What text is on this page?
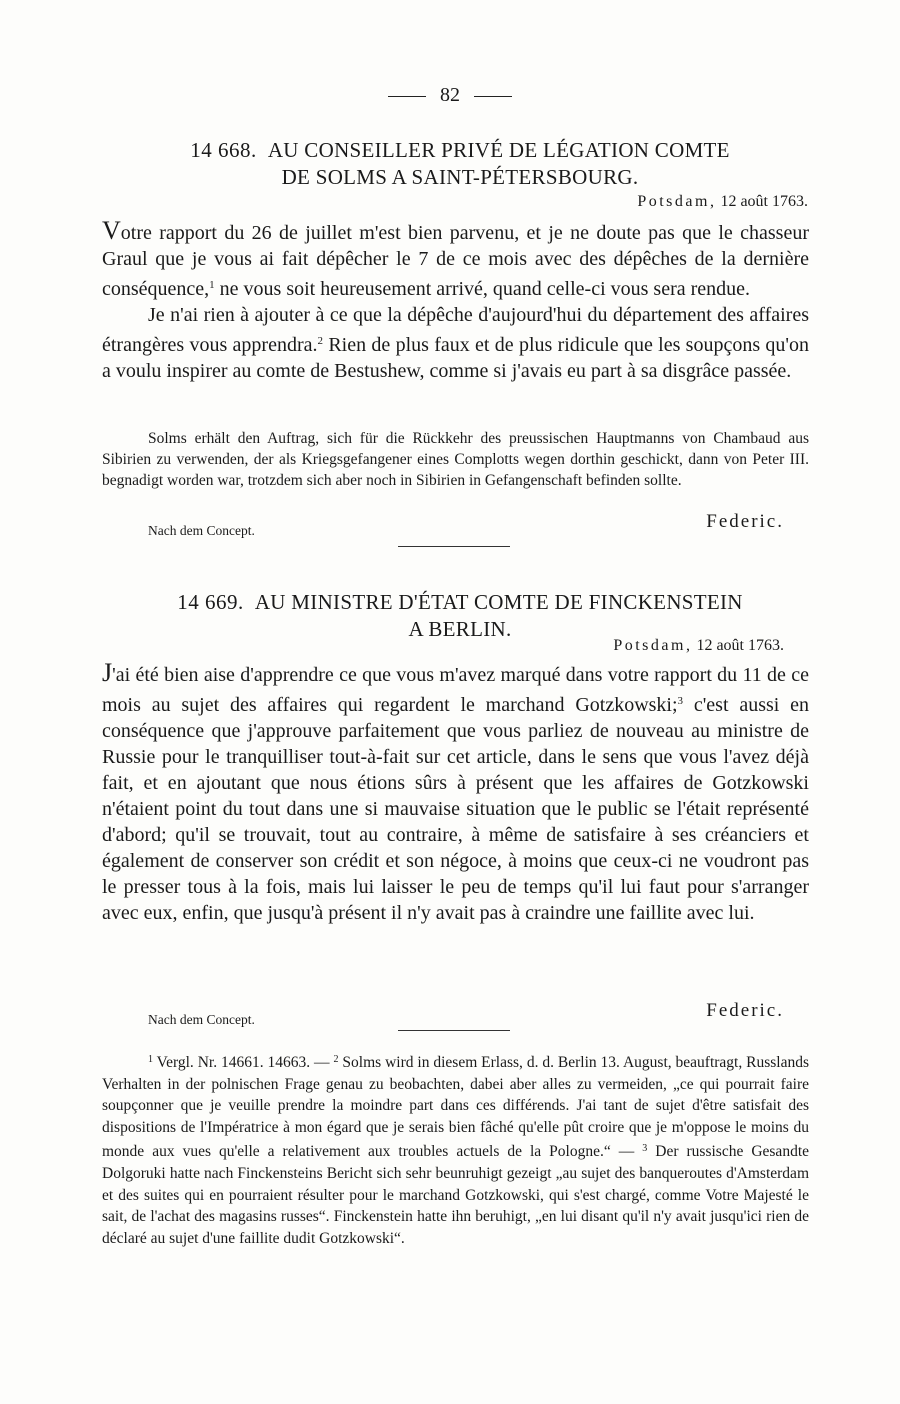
82
14 668. AU CONSEILLER PRIVÉ DE LÉGATION COMTE
DE SOLMS A SAINT-PÉTERSBOURG.
Potsdam, 12 août 1763.

Votre rapport du 26 de juillet m'est bien parvenu, et je ne doute pas que le chasseur Graul que je vous ai fait dépêcher le 7 de ce mois avec des dépêches de la dernière conséquence,$^1$ ne vous soit heureusement arrivé, quand celle-ci vous sera rendue.

Je n'ai rien à ajouter à ce que la dépêche d'aujourd'hui du département des affaires étrangères vous apprendra.$^2$ Rien de plus faux et de plus ridicule que les soupçons qu'on a voulu inspirer au comte de Bestushew, comme si j'avais eu part à sa disgrâce passée.

Solms erhält den Auftrag, sich für die Rückkehr des preussischen Hauptmanns von Chambaud aus Sibirien zu verwenden, der als Kriegsgefangener eines Complotts wegen dorthin geschickt, dann von Peter III. begnadigt worden war, trotzdem sich aber noch in Sibirien in Gefangenschaft befinden sollte.
Nach dem Concept.	Federic.
14 669. AU MINISTRE D'ÉTAT COMTE DE FINCKENSTEIN
A BERLIN.
Potsdam, 12 août 1763.

J'ai été bien aise d'apprendre ce que vous m'avez marqué dans votre rapport du 11 de ce mois au sujet des affaires qui regardent le marchand Gotzkowski;$^3$ c'est aussi en conséquence que j'approuve parfaitement que vous parliez de nouveau au ministre de Russie pour le tranquilliser tout-à-fait sur cet article, dans le sens que vous l'avez déjà fait, et en ajoutant que nous étions sûrs à présent que les affaires de Gotzkowski n'étaient point du tout dans une si mauvaise situation que le public se l'était représenté d'abord; qu'il se trouvait, tout au contraire, à même de satisfaire à ses créanciers et également de conserver son crédit et son négoce, à moins que ceux-ci ne voudront pas le presser tous à la fois, mais lui laisser le peu de temps qu'il lui faut pour s'arranger avec eux, enfin, que jusqu'à présent il n'y avait pas à craindre une faillite avec lui.

Nach dem Concept.	Federic.
$^1$ Vergl. Nr. 14661. 14663. — $^2$ Solms wird in diesem Erlass, d. d. Berlin 13. August, beauftragt, Russlands Verhalten in der polnischen Frage genau zu beobachten, dabei aber alles zu vermeiden, „ce qui pourrait faire soupçonner que je veuille prendre la moindre part dans ces différends. J'ai tant de sujet d'être satisfait des dispositions de l'Impératrice à mon égard que je serais bien fâché qu'elle pût croire que je m'oppose le moins du monde aux vues qu'elle a relativement aux troubles actuels de la Pologne.“ — $^3$ Der russische Gesandte Dolgoruki hatte nach Finckensteins Bericht sich sehr beunruhigt gezeigt „au sujet des banqueroutes d'Amsterdam et des suites qui en pourraient résulter pour le marchand Gotzkowski, qui s'est chargé, comme Votre Majesté le sait, de l'achat des magasins russes“. Finckenstein hatte ihn beruhigt, „en lui disant qu'il n'y avait jusqu'ici rien de déclaré au sujet d'une faillite dudit Gotzkowski“.
